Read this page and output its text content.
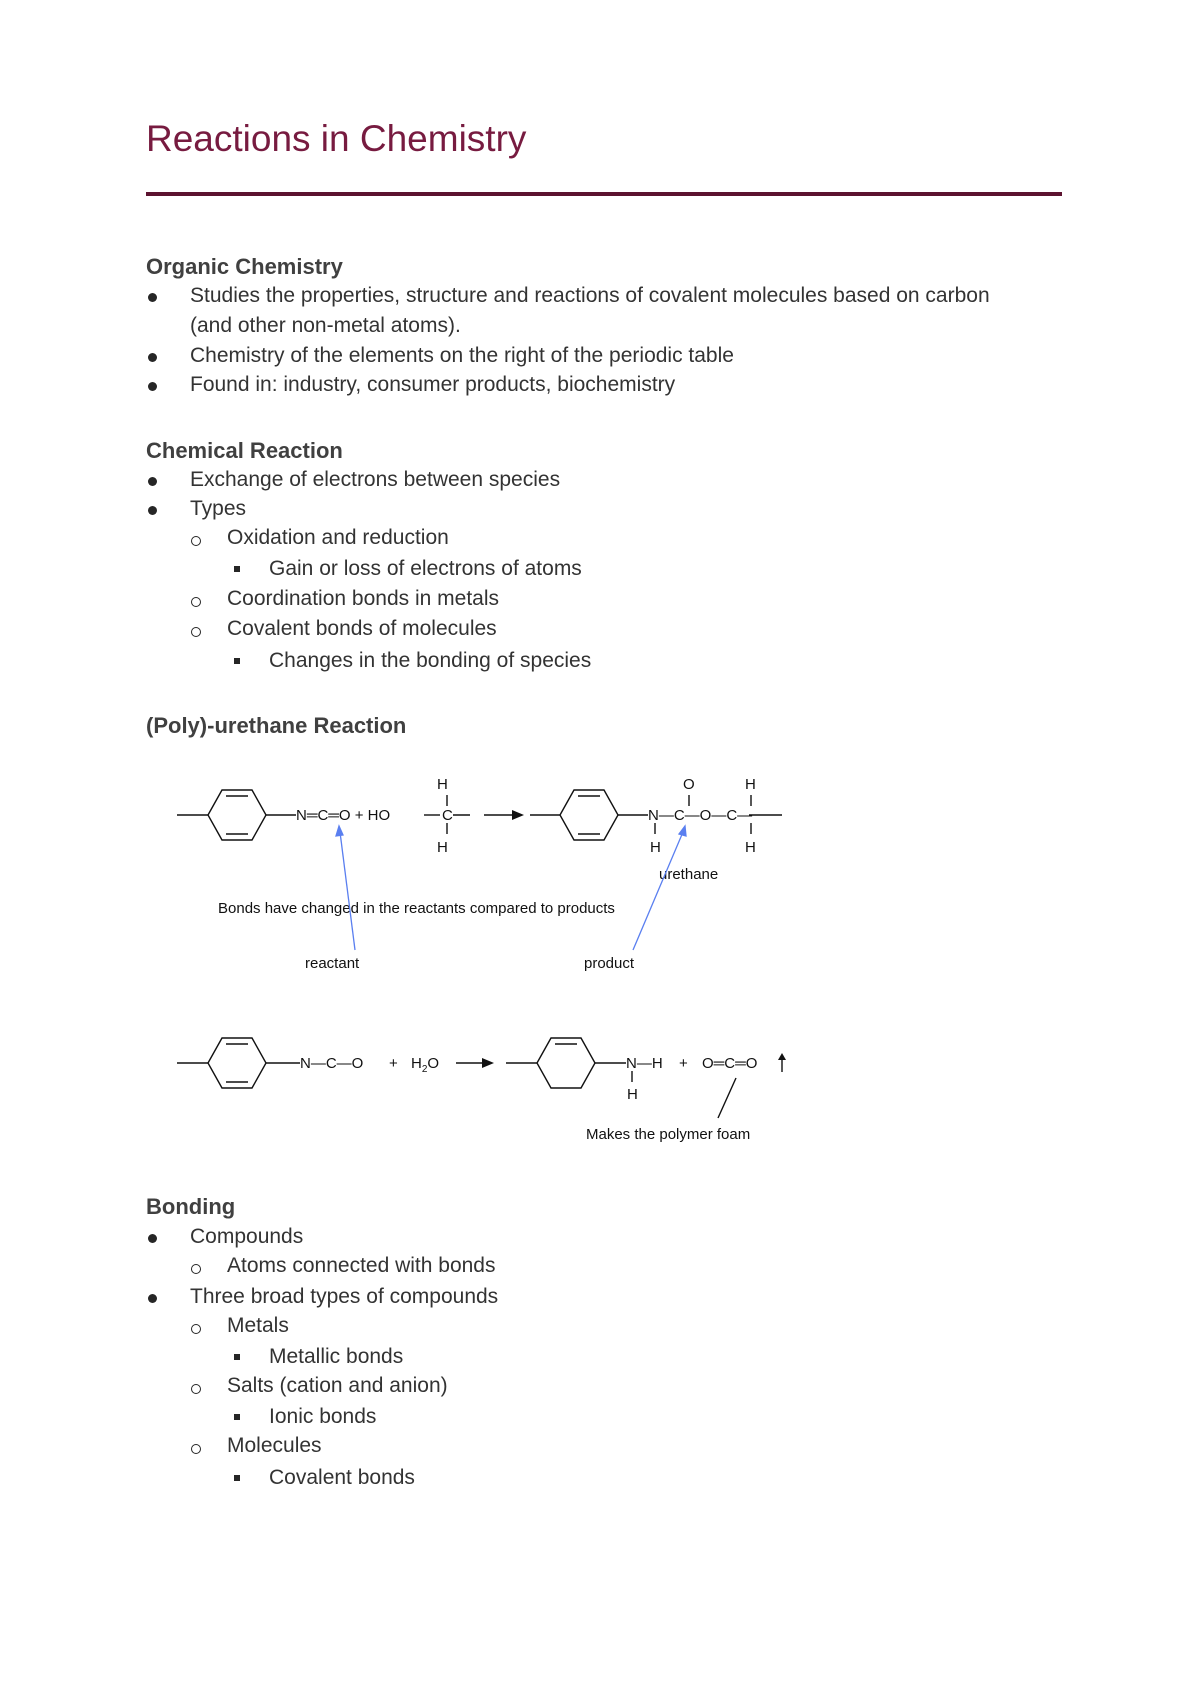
Reactions in Chemistry
Organic Chemistry
Studies the properties, structure and reactions of covalent molecules based on carbon
(and other non-metal atoms).
Chemistry of the elements on the right of the periodic table
Found in: industry, consumer products, biochemistry
Chemical Reaction
Exchange of electrons between species
Types
Oxidation and reduction
Gain or loss of electrons of atoms
Coordination bonds in metals
Covalent bonds of molecules
Changes in the bonding of species
(Poly)-urethane Reaction
N═C═O + HO	C
H
H
N—C—O—C—
O	H
H	H
urethane
Bonds have changed in the reactants compared to products
reactant	product
N—C—O + $H_2O$	N—H
H
+ O═C═O
Makes the polymer foam
Bonding
Compounds
Atoms connected with bonds
Three broad types of compounds
Metals
Metallic bonds
Salts (cation and anion)
Ionic bonds
Molecules
Covalent bonds
